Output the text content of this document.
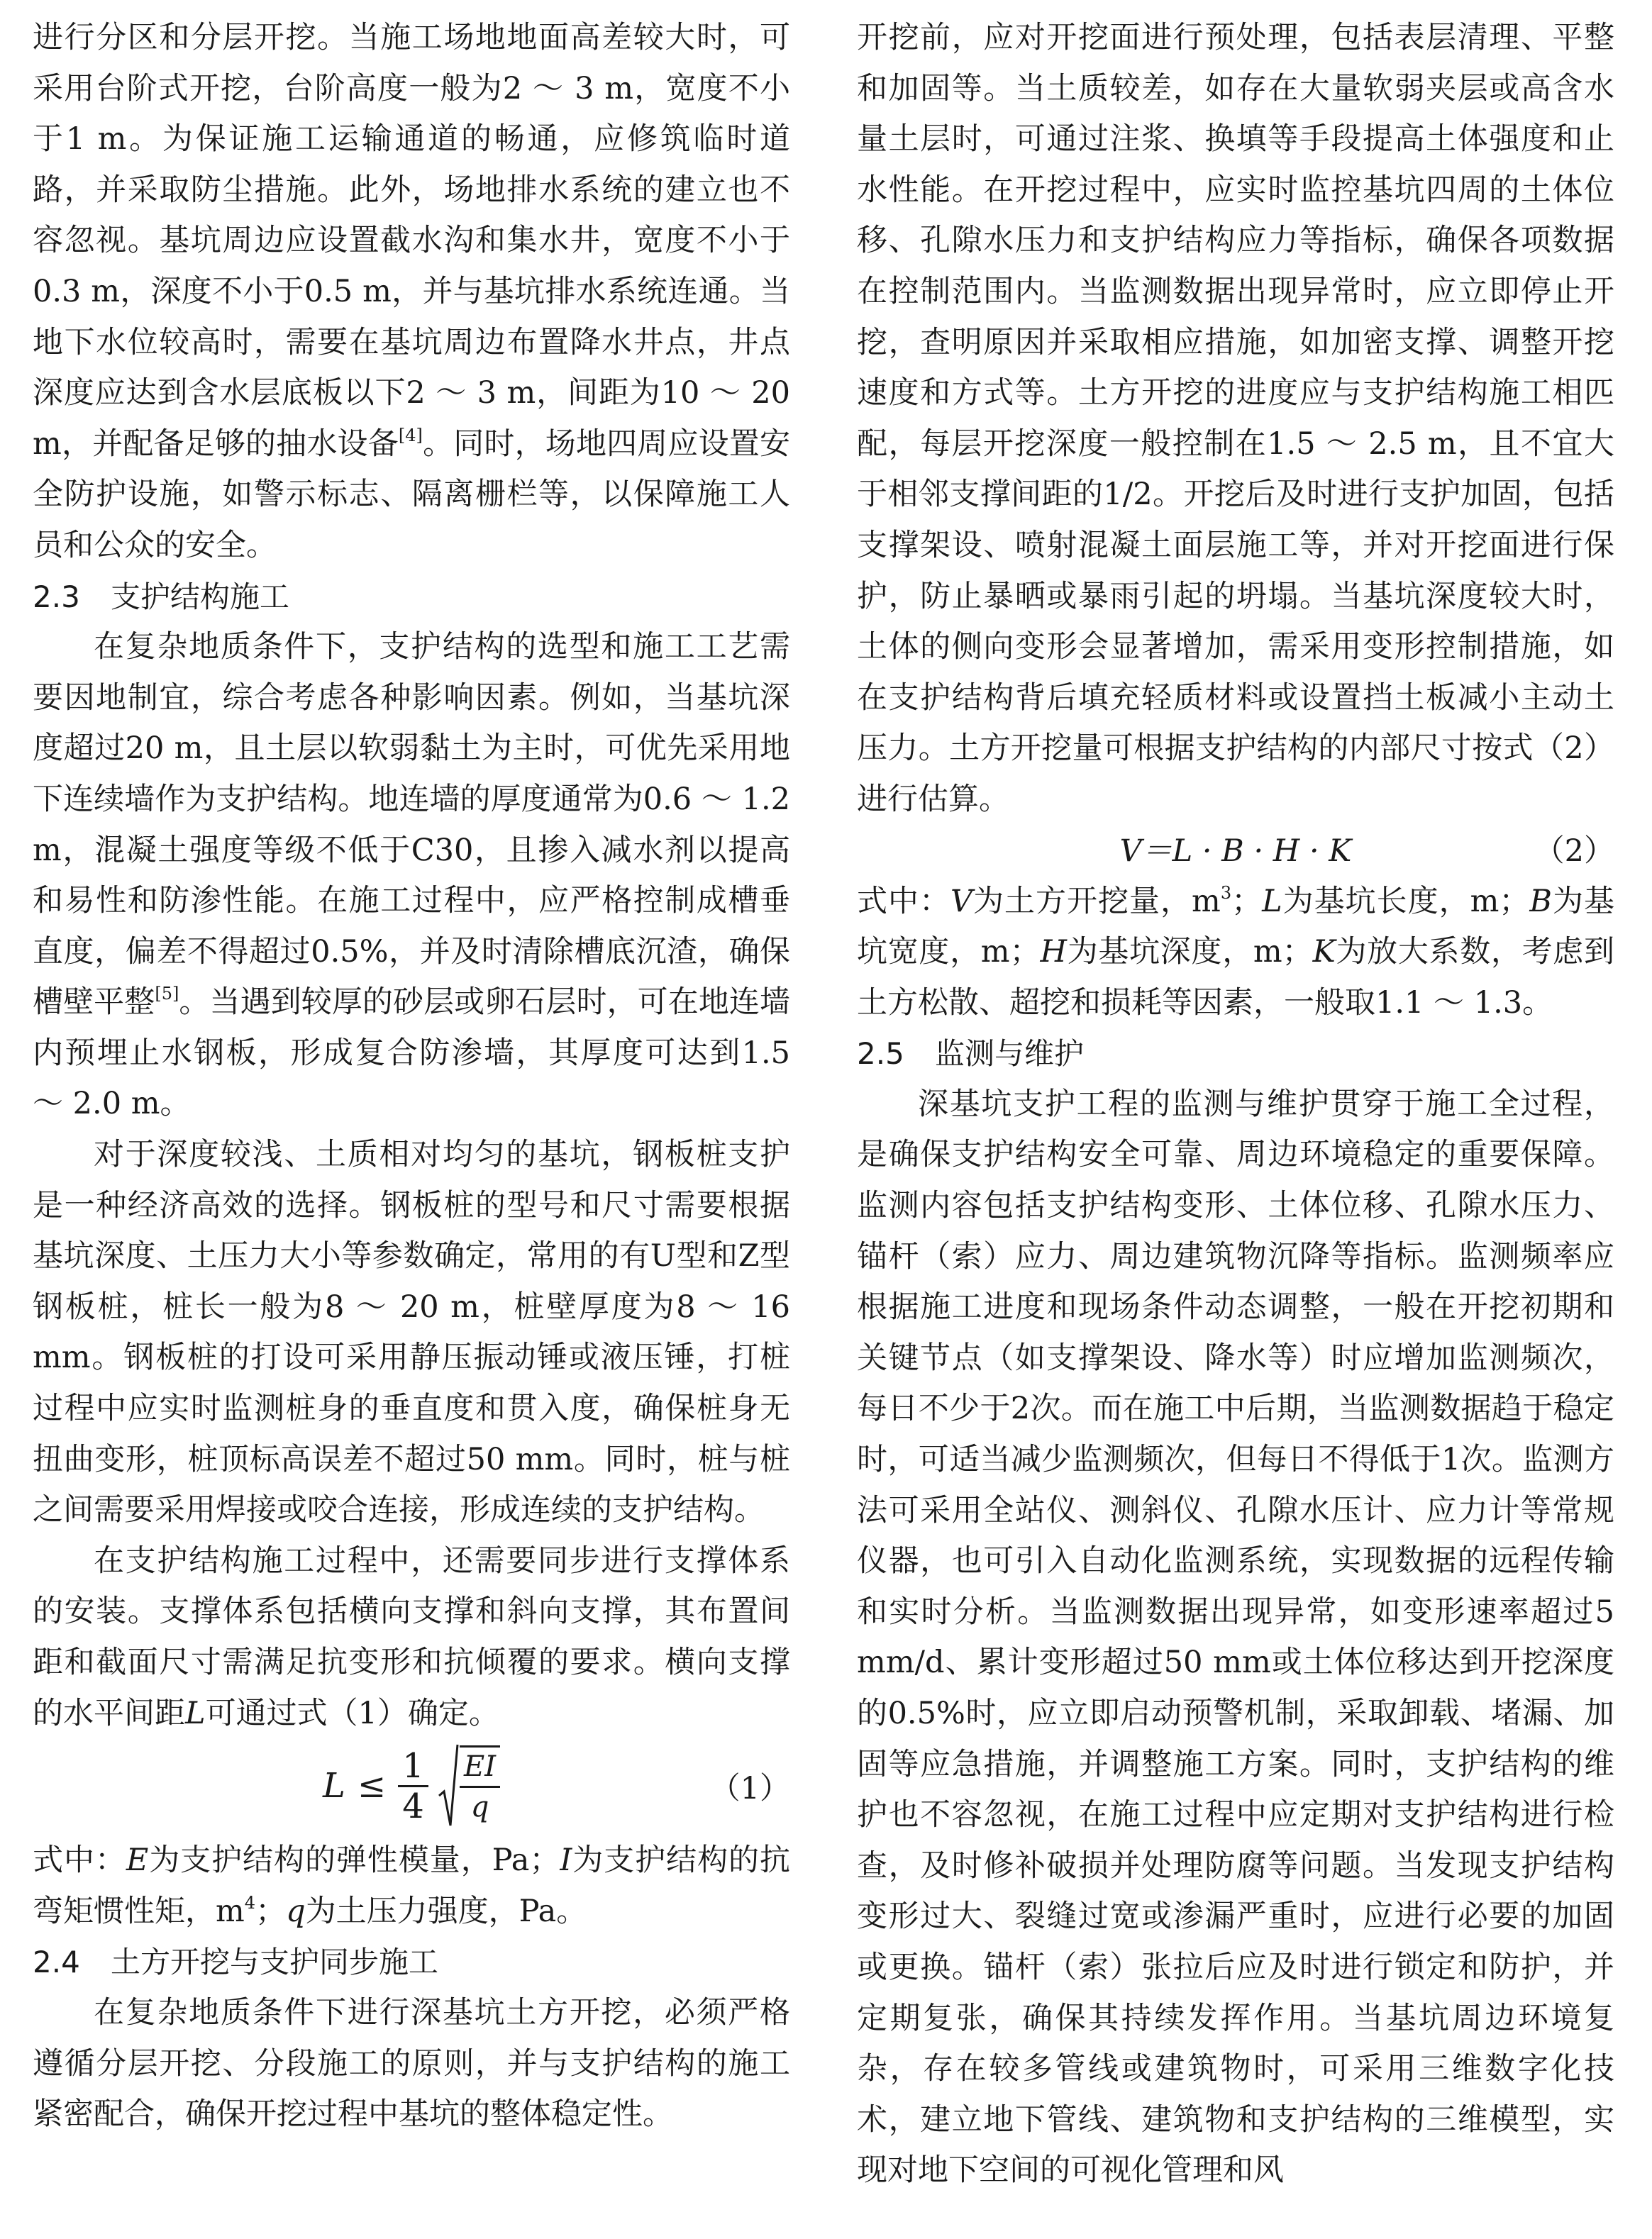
进行分区和分层开挖。当施工场地地面高差较大时，可采用台阶式开挖，台阶高度一般为2 ～ 3 m，宽度不小于1 m。为保证施工运输通道的畅通，应修筑临时道路，并采取防尘措施。此外，场地排水系统的建立也不容忽视。基坑周边应设置截水沟和集水井，宽度不小于0.3 m，深度不小于0.5 m，并与基坑排水系统连通。当地下水位较高时，需要在基坑周边布置降水井点，井点深度应达到含水层底板以下2 ～ 3 m，间距为10 ～ 20 m，并配备足够的抽水设备[4]。同时，场地四周应设置安全防护设施，如警示标志、隔离栅栏等，以保障施工人员和公众的安全。

2.3 支护结构施工

在复杂地质条件下，支护结构的选型和施工工艺需要因地制宜，综合考虑各种影响因素。例如，当基坑深度超过20 m，且土层以软弱黏土为主时，可优先采用地下连续墙作为支护结构。地连墙的厚度通常为0.6 ～ 1.2 m，混凝土强度等级不低于C30，且掺入减水剂以提高和易性和防渗性能。在施工过程中，应严格控制成槽垂直度，偏差不得超过0.5%，并及时清除槽底沉渣，确保槽壁平整[5]。当遇到较厚的砂层或卵石层时，可在地连墙内预埋止水钢板，形成复合防渗墙，其厚度可达到1.5 ～ 2.0 m。

对于深度较浅、土质相对均匀的基坑，钢板桩支护是一种经济高效的选择。钢板桩的型号和尺寸需要根据基坑深度、土压力大小等参数确定，常用的有U型和Z型钢板桩，桩长一般为8 ～ 20 m，桩壁厚度为8 ～ 16 mm。钢板桩的打设可采用静压振动锤或液压锤，打桩过程中应实时监测桩身的垂直度和贯入度，确保桩身无扭曲变形，桩顶标高误差不超过50 mm。同时，桩与桩之间需要采用焊接或咬合连接，形成连续的支护结构。

在支护结构施工过程中，还需要同步进行支撑体系的安装。支撑体系包括横向支撑和斜向支撑，其布置间距和截面尺寸需满足抗变形和抗倾覆的要求。横向支撑的水平间距L可通过式（1）确定。

$L \le \frac{1}{4}$
$\frac{EI}{q}$	（1）

式中：E为支护结构的弹性模量，Pa；I为支护结构的抗弯矩惯性矩，$m^4$；q为土压力强度，Pa。

2.4 土方开挖与支护同步施工

在复杂地质条件下进行深基坑土方开挖，必须严格遵循分层开挖、分段施工的原则，并与支护结构的施工紧密配合，确保开挖过程中基坑的整体稳定性。

开挖前，应对开挖面进行预处理，包括表层清理、平整和加固等。当土质较差，如存在大量软弱夹层或高含水量土层时，可通过注浆、换填等手段提高土体强度和止水性能。在开挖过程中，应实时监控基坑四周的土体位移、孔隙水压力和支护结构应力等指标，确保各项数据在控制范围内。当监测数据出现异常时，应立即停止开挖，查明原因并采取相应措施，如加密支撑、调整开挖速度和方式等。土方开挖的进度应与支护结构施工相匹配，每层开挖深度一般控制在1.5 ～ 2.5 m，且不宜大于相邻支撑间距的1/2。开挖后及时进行支护加固，包括支撑架设、喷射混凝土面层施工等，并对开挖面进行保护，防止暴晒或暴雨引起的坍塌。当基坑深度较大时，土体的侧向变形会显著增加，需采用变形控制措施，如在支护结构背后填充轻质材料或设置挡土板减小主动土压力。土方开挖量可根据支护结构的内部尺寸按式（2）进行估算。

V＝L · B · H · K	（2）

式中：V为土方开挖量，$m^3$；L为基坑长度，m；B为基坑宽度，m；H为基坑深度，m；K为放大系数，考虑到土方松散、超挖和损耗等因素，一般取1.1 ～ 1.3。

2.5 监测与维护

深基坑支护工程的监测与维护贯穿于施工全过程，是确保支护结构安全可靠、周边环境稳定的重要保障。监测内容包括支护结构变形、土体位移、孔隙水压力、锚杆（索）应力、周边建筑物沉降等指标。监测频率应根据施工进度和现场条件动态调整，一般在开挖初期和关键节点（如支撑架设、降水等）时应增加监测频次，每日不少于2次。而在施工中后期，当监测数据趋于稳定时，可适当减少监测频次，但每日不得低于1次。监测方法可采用全站仪、测斜仪、孔隙水压计、应力计等常规仪器，也可引入自动化监测系统，实现数据的远程传输和实时分析。当监测数据出现异常，如变形速率超过5 mm/d、累计变形超过50 mm或土体位移达到开挖深度的0.5%时，应立即启动预警机制，采取卸载、堵漏、加固等应急措施，并调整施工方案。同时，支护结构的维护也不容忽视，在施工过程中应定期对支护结构进行检查，及时修补破损并处理防腐等问题。当发现支护结构变形过大、裂缝过宽或渗漏严重时，应进行必要的加固或更换。锚杆（索）张拉后应及时进行锁定和防护，并定期复张，确保其持续发挥作用。当基坑周边环境复杂，存在较多管线或建筑物时，可采用三维数字化技术，建立地下管线、建筑物和支护结构的三维模型，实现对地下空间的可视化管理和风
